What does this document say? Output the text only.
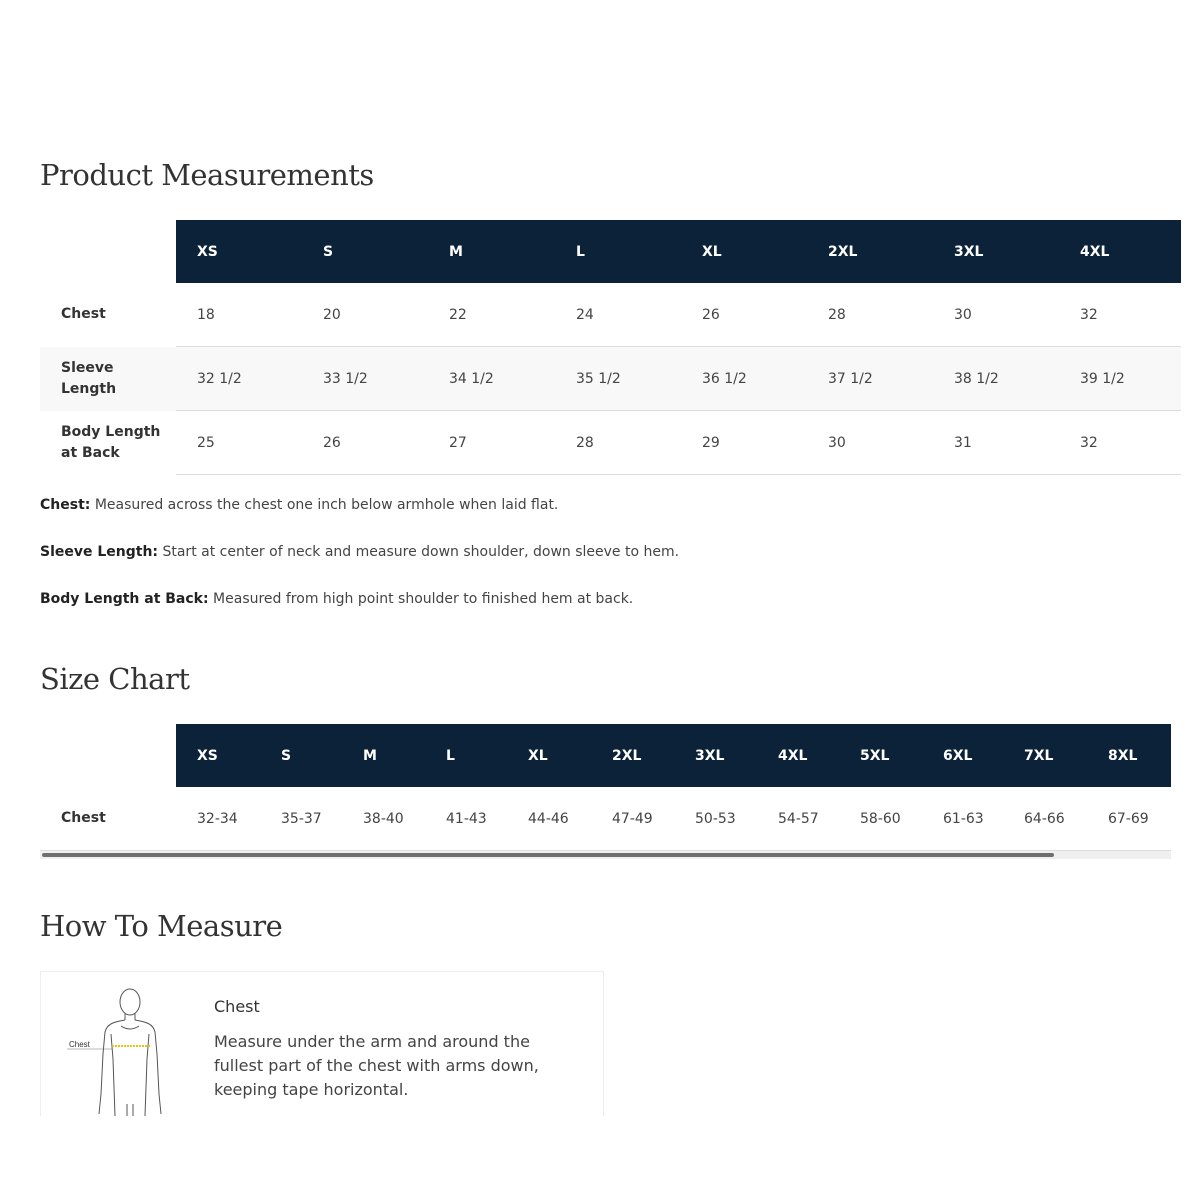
Product Measurements
	XS	S	M	L	XL	2XL	3XL	4XL
Chest	18	20	22	24	26	28	30	32

Sleeve Length	32 1/2	33 1/2	34 1/2	35 1/2	36 1/2	37 1/2	38 1/2	39 1/2

Body Length at Back	25	26	27	28	29	30	31	32

Chest: Measured across the chest one inch below armhole when laid flat.

Sleeve Length: Start at center of neck and measure down shoulder, down sleeve to hem.

Body Length at Back: Measured from high point shoulder to finished hem at back.

Size Chart
	XS	S	M	L	XL	2XL	3XL	4XL	5XL	6XL	7XL	8XL
Chest	32-34	35-37	38-40	41-43	44-46	47-49	50-53	54-57	58-60	61-63	64-66	67-69
How To Measure
Chest
Chest
Measure under the arm and around the fullest part of the chest with arms down, keeping tape horizontal.
